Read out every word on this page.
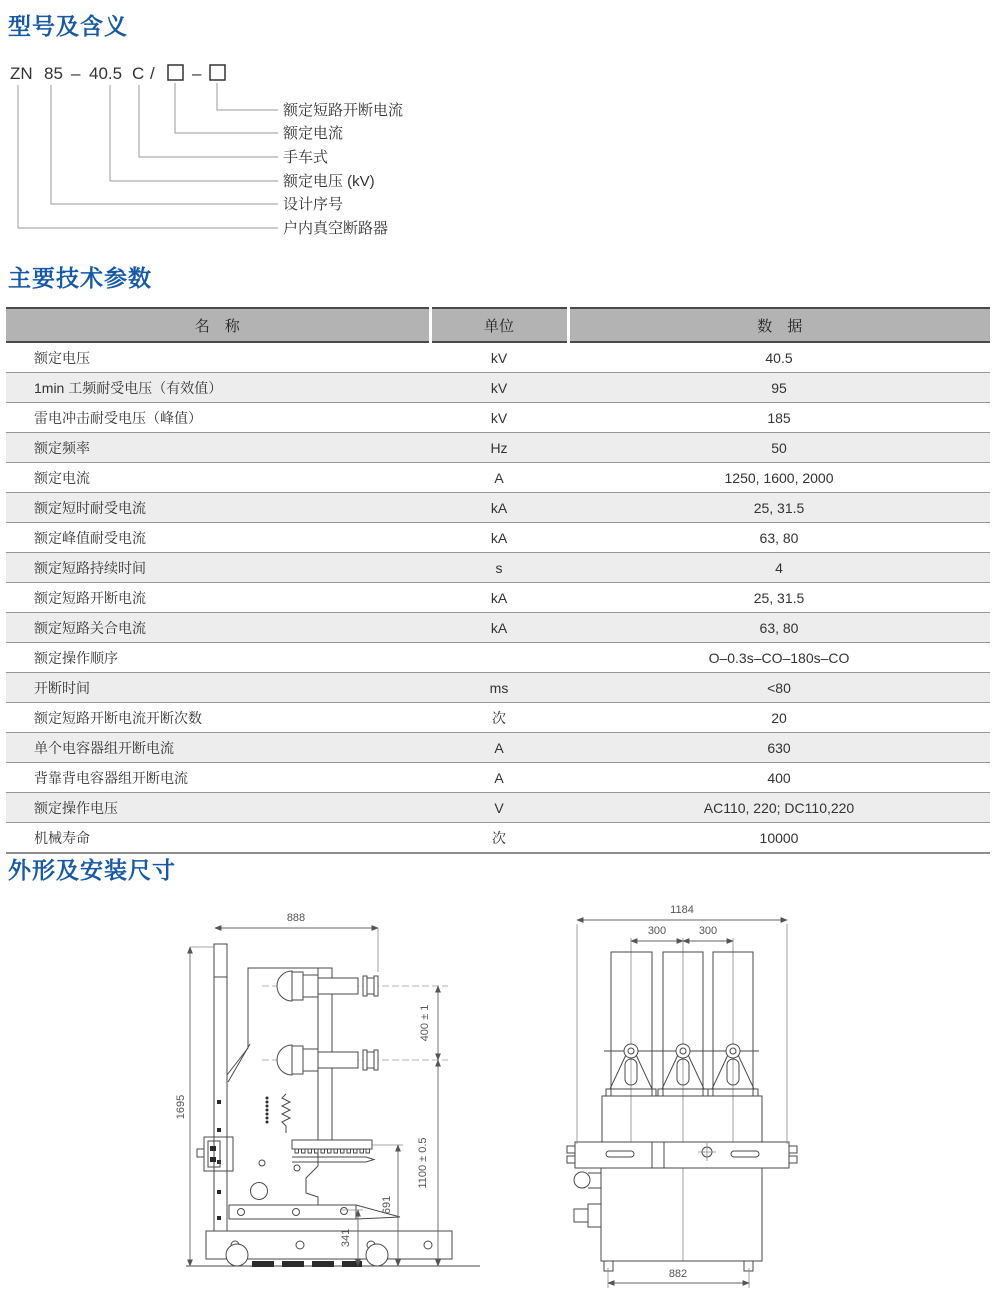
型号及含义
ZN 85 – 40.5 C / –
额定短路开断电流
额定电流
手车式
额定电压 (kV)
设计序号
户内真空断路器
主要技术参数
名　称	单位	数　据
额定电压	kV	40.5
1min 工频耐受电压（有效值）	kV	95
雷电冲击耐受电压（峰值）	kV	185
额定频率	Hz	50
额定电流	A	1250, 1600, 2000
额定短时耐受电流	kA	25, 31.5
额定峰值耐受电流	kA	63, 80
额定短路持续时间	s	4
额定短路开断电流	kA	25, 31.5
额定短路关合电流	kA	63, 80
额定操作顺序		O–0.3s–CO–180s–CO
开断时间	ms	<80
额定短路开断电流开断次数	次	20
单个电容器组开断电流	A	630
背靠背电容器组开断电流	A	400
额定操作电压	V	AC110, 220; DC110,220
机械寿命	次	10000
外形及安装尺寸
1695
888
400 ± 1
1100 ± 0.5
691
341
1184
300	300
882
